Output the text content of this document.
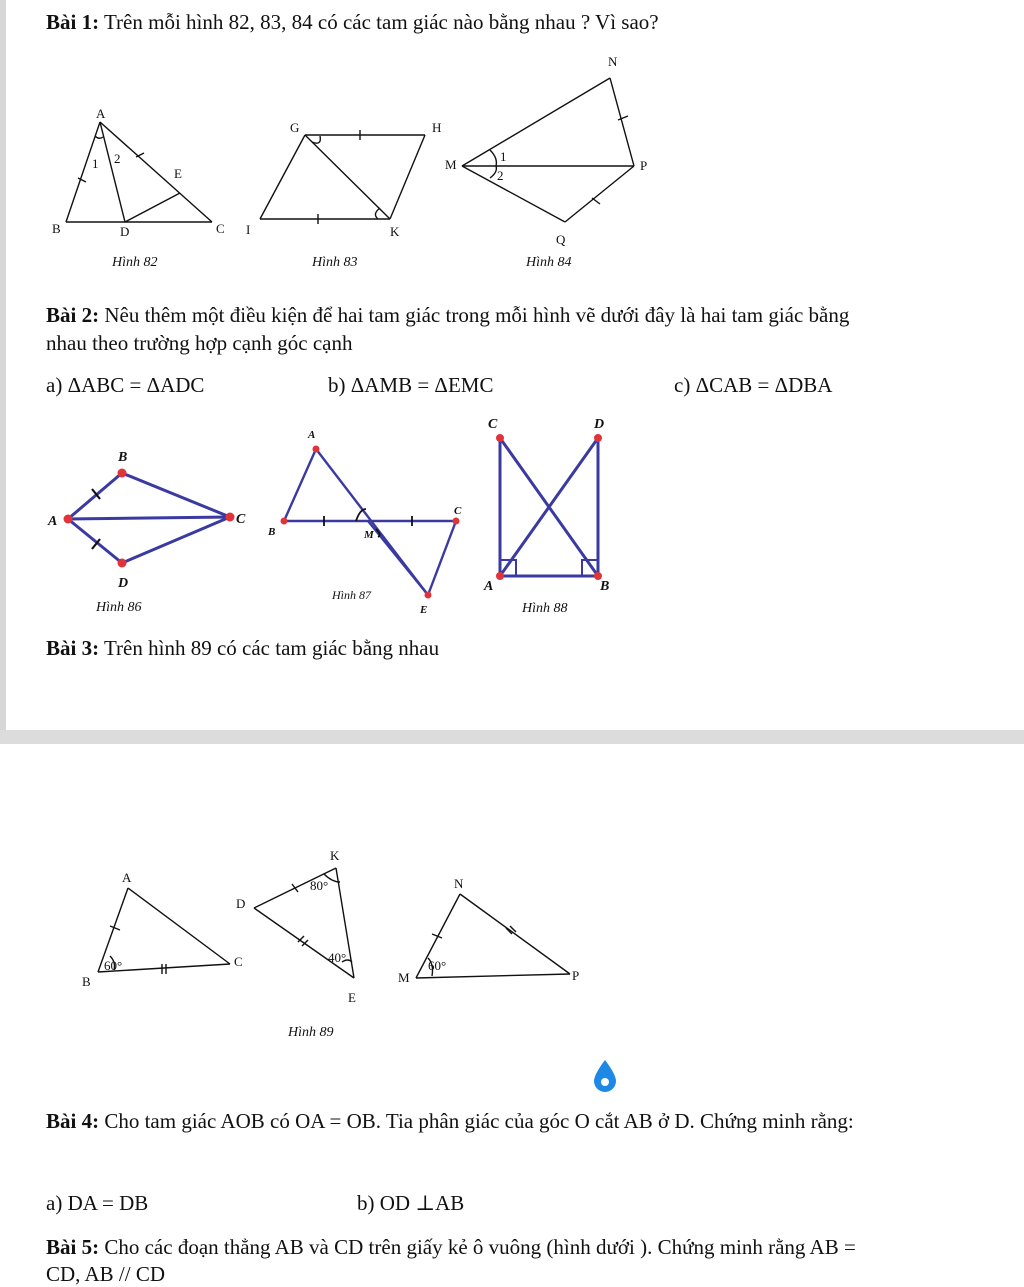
Bài 1: Trên mỗi hình 82, 83, 84 có các tam giác nào bằng nhau ? Vì sao?
A
B	C
D
E
1 2
Hình 82
G	H
I	K
Hình 83
N
M	P
Q
1
2
Hình 84
Bài 2: Nêu thêm một điều kiện để hai tam giác trong mỗi hình vẽ dưới đây là hai tam giác bằng
nhau theo trường hợp cạnh góc cạnh
a) ΔABC = ΔADC	b) ΔAMB = ΔEMC	c) ΔCAB = ΔDBA
B
A	C
D
Hình 86
A
B
C
M
E
Hình 87
C	D
A	B
Hình 88
Bài 3: Trên hình 89 có các tam giác bằng nhau
A
B
C
60°
K
D
E
80°
40°
N
M	P
60°
Hình 89
Bài 4: Cho tam giác AOB có OA = OB. Tia phân giác của góc O cắt AB ở D. Chứng minh rằng:
a) DA = DB	b) OD ⊥AB
Bài 5: Cho các đoạn thẳng AB và CD trên giấy kẻ ô vuông (hình dưới ). Chứng minh rằng AB =
CD, AB // CD
